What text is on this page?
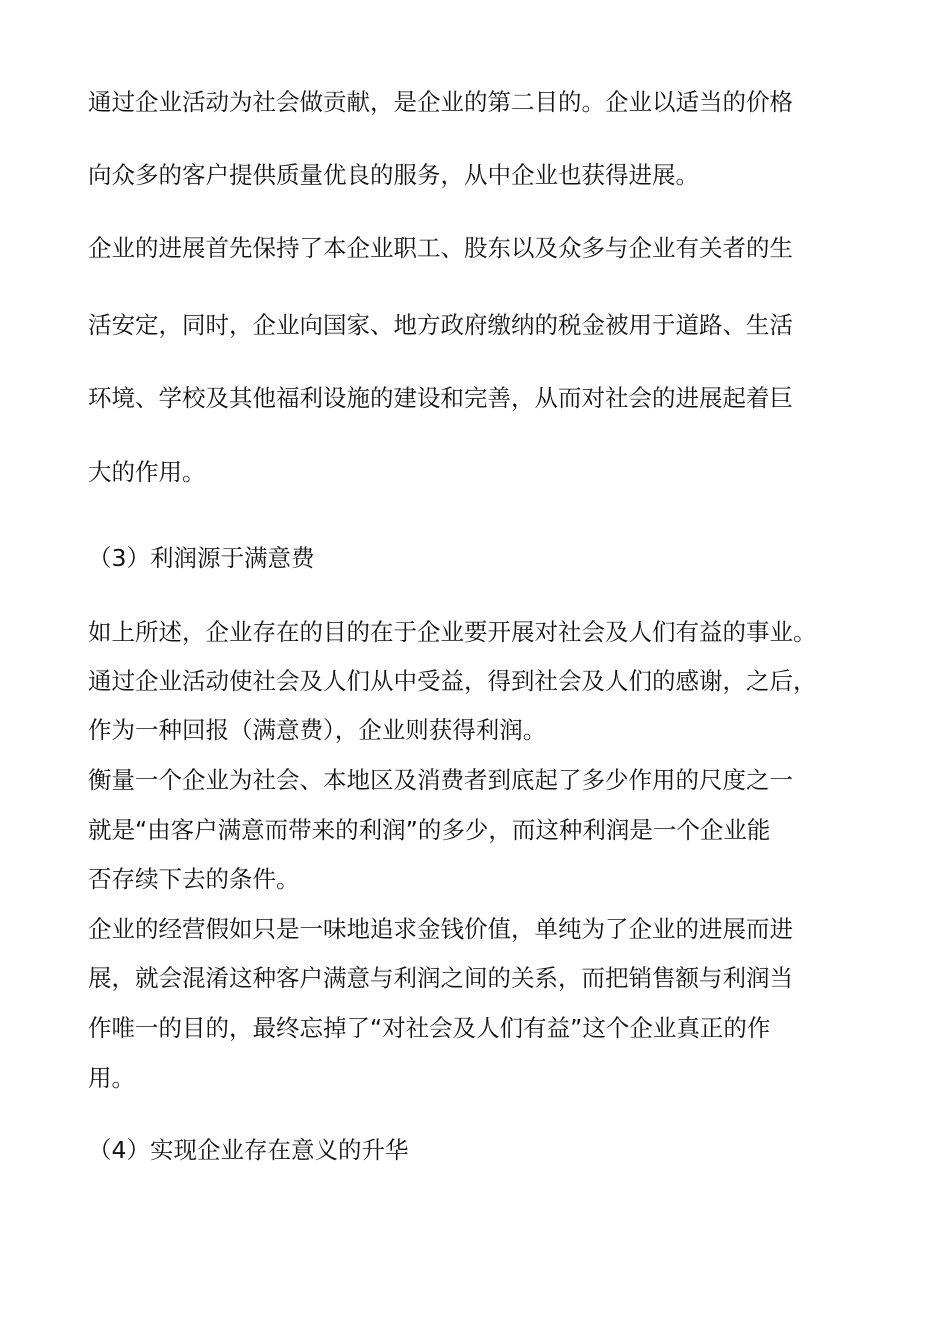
通过企业活动为社会做贡献，是企业的第二目的。企业以适当的价格
向众多的客户提供质量优良的服务，从中企业也获得进展。
企业的进展首先保持了本企业职工、股东以及众多与企业有关者的生
活安定，同时，企业向国家、地方政府缴纳的税金被用于道路、生活
环境、学校及其他福利设施的建设和完善，从而对社会的进展起着巨
大的作用。
（3）利润源于满意费
如上所述，企业存在的目的在于企业要开展对社会及人们有益的事业。
通过企业活动使社会及人们从中受益，得到社会及人们的感谢，之后，
作为一种回报（满意费），企业则获得利润。
衡量一个企业为社会、本地区及消费者到底起了多少作用的尺度之一
就是“由客户满意而带来的利润”的多少，而这种利润是一个企业能
否存续下去的条件。
企业的经营假如只是一味地追求金钱价值，单纯为了企业的进展而进
展，就会混淆这种客户满意与利润之间的关系，而把销售额与利润当
作唯一的目的，最终忘掉了“对社会及人们有益”这个企业真正的作
用。
（4）实现企业存在意义的升华
